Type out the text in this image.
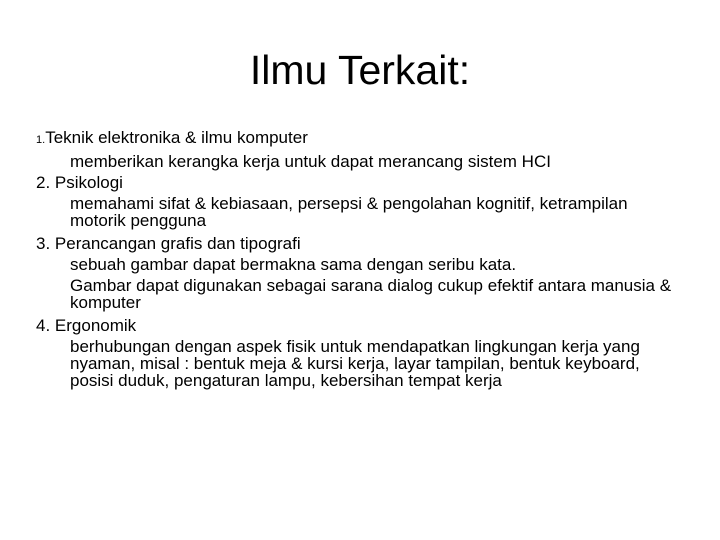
Ilmu Terkait:
1.Teknik elektronika & ilmu komputer
memberikan kerangka kerja untuk dapat merancang sistem HCI
2. Psikologi
memahami sifat & kebiasaan, persepsi & pengolahan kognitif, ketrampilan motorik pengguna
3. Perancangan grafis dan tipografi
sebuah gambar dapat bermakna sama dengan seribu kata.
Gambar dapat digunakan sebagai sarana dialog cukup efektif antara manusia & komputer
4. Ergonomik
berhubungan dengan aspek fisik untuk mendapatkan lingkungan kerja yang nyaman, misal : bentuk meja & kursi kerja, layar tampilan, bentuk keyboard, posisi duduk, pengaturan lampu, kebersihan tempat kerja
